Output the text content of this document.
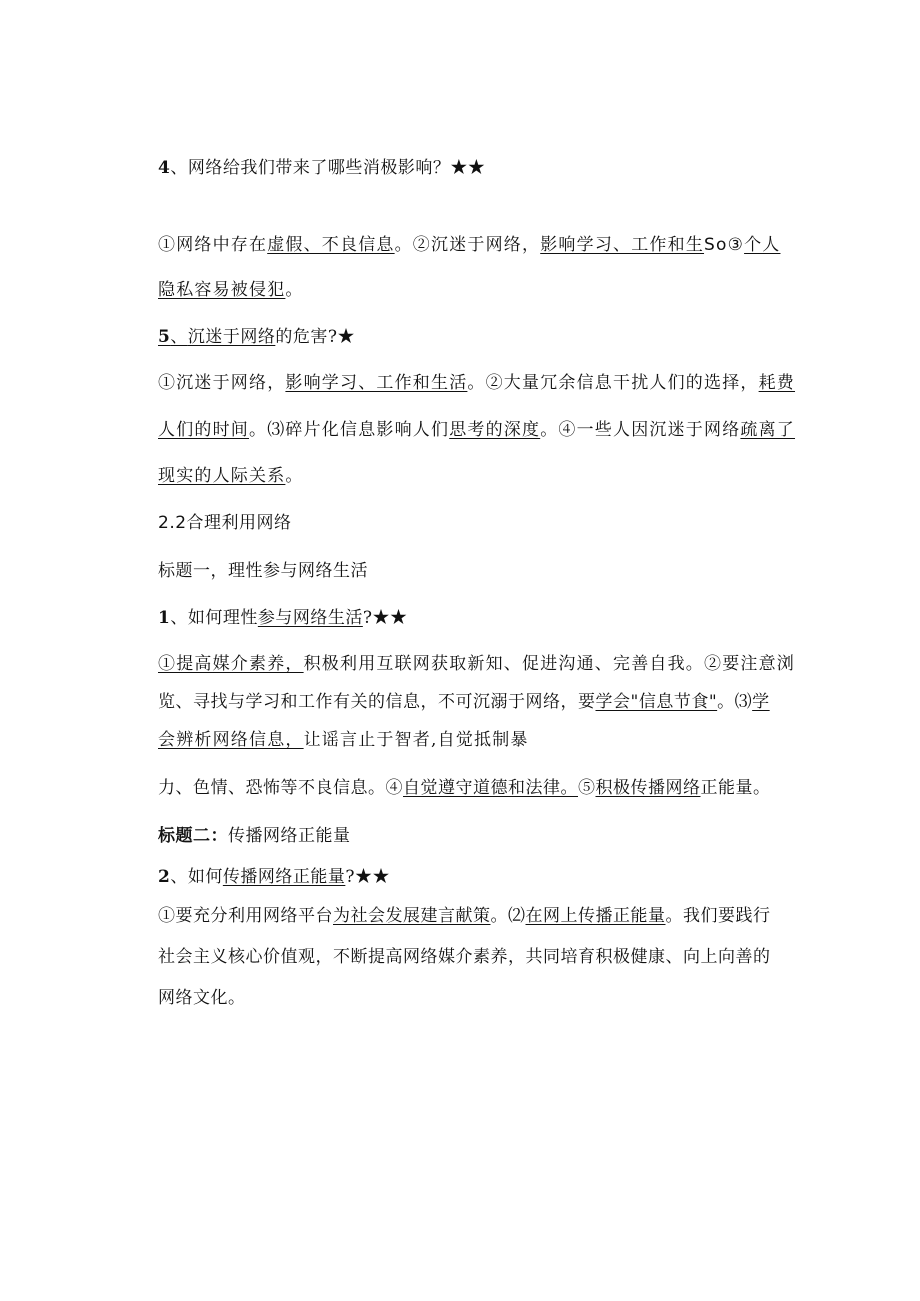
4、网络给我们带来了哪些消极影响？★★
①网络中存在虚假、不良信息。②沉迷于网络，影响学习、工作和生So③个人
隐私容易被侵犯。
5、沉迷于网络的危害?★
①沉迷于网络，影响学习、工作和生活。②大量冗余信息干扰人们的选择，耗费
人们的时间。⑶碎片化信息影响人们思考的深度。④一些人因沉迷于网络疏离了
现实的人际关系。
2.2合理利用网络
标题一，理性参与网络生活
1、如何理性参与网络生活?★★
①提高媒介素养，积极利用互联网获取新知、促进沟通、完善自我。②要注意浏
览、寻找与学习和工作有关的信息，不可沉溺于网络，要学会"信息节食"。⑶学
会辨析网络信息，让谣言止于智者,自觉抵制暴
力、色情、恐怖等不良信息。④自觉遵守道德和法律。⑤积极传播网络正能量。
标题二：传播网络正能量
2、如何传播网络正能量?★★
①要充分利用网络平台为社会发展建言献策。⑵在网上传播正能量。我们要践行
社会主义核心价值观，不断提高网络媒介素养，共同培育积极健康、向上向善的
网络文化。
